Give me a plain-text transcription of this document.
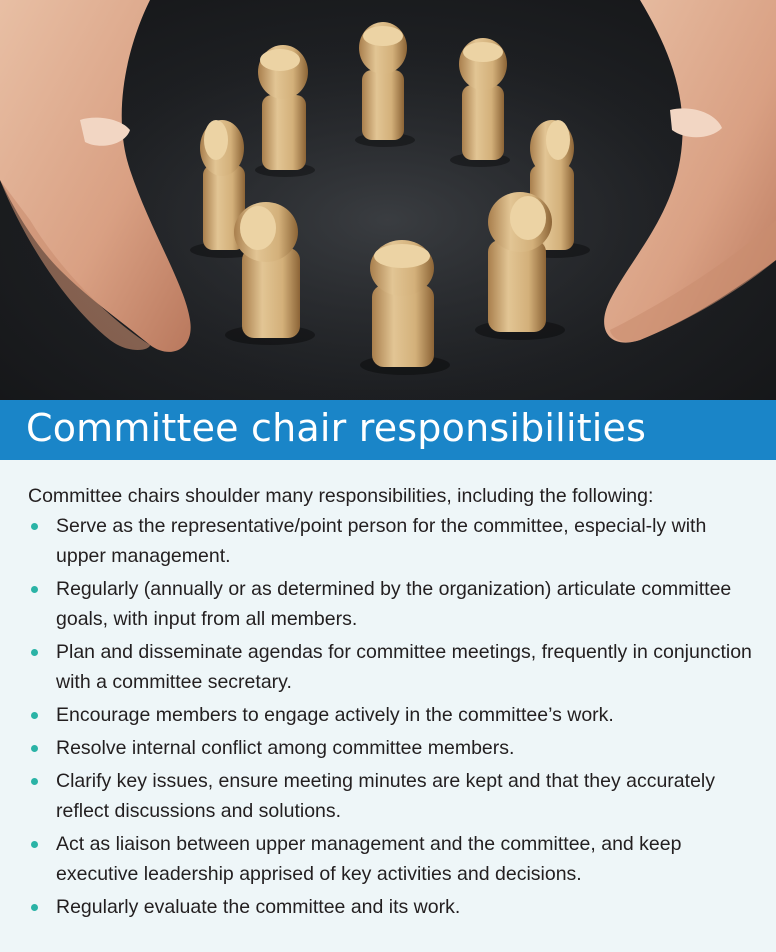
Committee chair responsibilities

Committee chairs shoulder many responsibilities, including the following:

Serve as the representative/point person for the committee, especial-ly with upper management.
Regularly (annually or as determined by the organization) articulate committee goals, with input from all members.
Plan and disseminate agendas for committee meetings, frequently in conjunction with a committee secretary.
Encourage members to engage actively in the committee’s work.
Resolve internal conflict among committee members.
Clarify key issues, ensure meeting minutes are kept and that they accurately reflect discussions and solutions.
Act as liaison between upper management and the committee, and keep executive leadership apprised of key activities and decisions.
Regularly evaluate the committee and its work.
